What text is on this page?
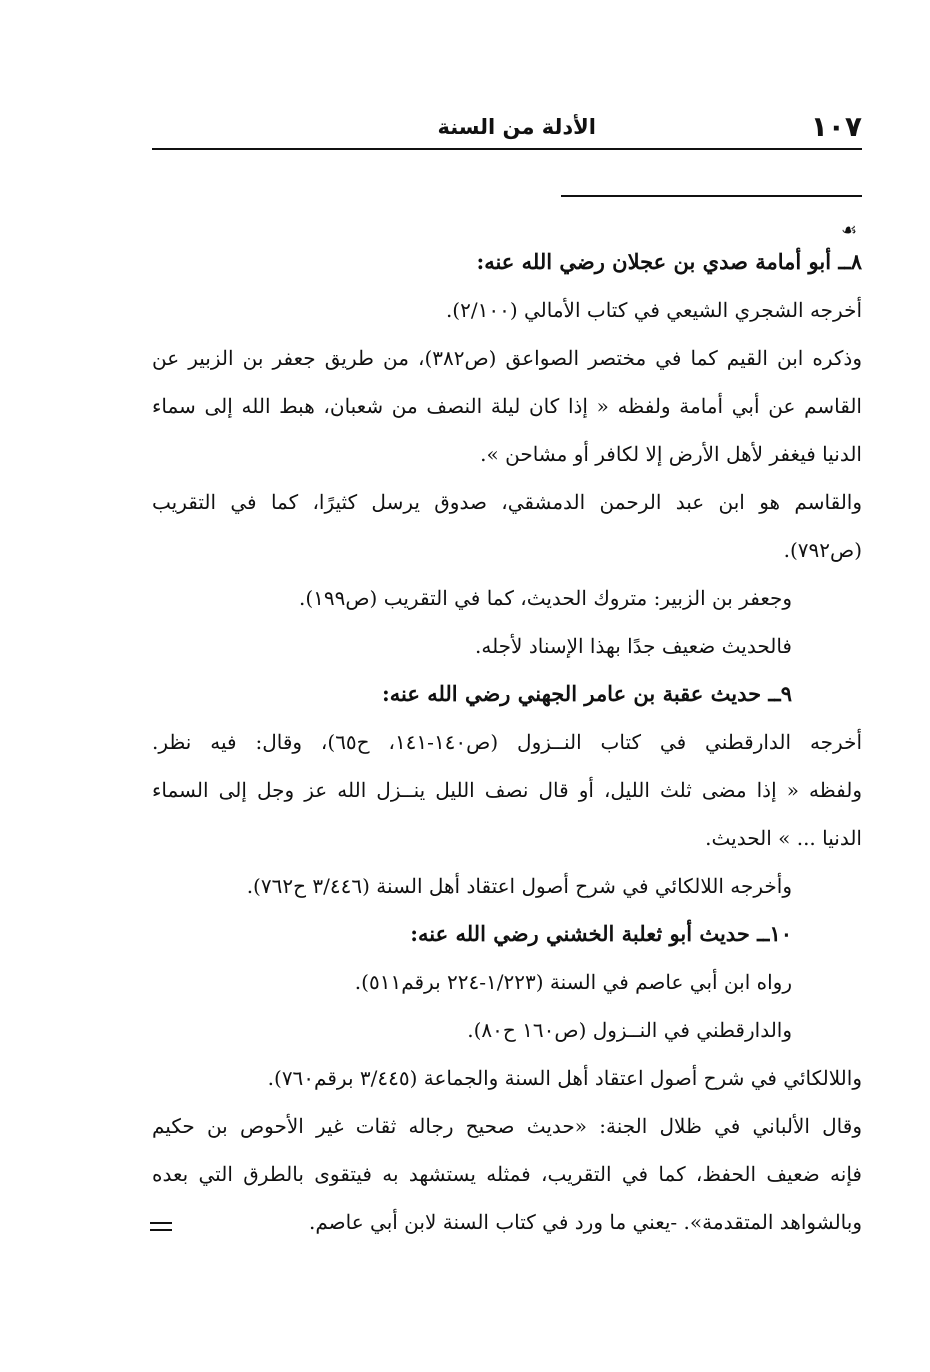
١٠٧
الأدلة من السنة
☙
٨ــ أبو أمامة صدي بن عجلان رضي الله عنه:
أخرجه الشجري الشيعي في كتاب الأمالي (٢/١٠٠).
وذكره ابن القيم كما في مختصر الصواعق (ص٣٨٢)، من طريق جعفر بن الزبير عن
القاسم عن أبي أمامة ولفظه « إذا كان ليلة النصف من شعبان، هبط الله إلى سماء
الدنيا فيغفر لأهل الأرض إلا لكافر أو مشاحن ».
والقاسم هو ابن عبد الرحمن الدمشقي، صدوق يرسل كثيرًا، كما في التقريب
(ص٧٩٢).
وجعفر بن الزبير: متروك الحديث، كما في التقريب (ص١٩٩).
فالحديث ضعيف جدًا بهذا الإسناد لأجله.
٩ــ حديث عقبة بن عامر الجهني رضي الله عنه:
أخرجه الدارقطني في كتاب النــزول (ص١٤٠-١٤١، ح٦٥)، وقال: فيه نظر.
ولفظه « إذا مضى ثلث الليل، أو قال نصف الليل ينــزل الله عز وجل إلى السماء
الدنيا ... » الحديث.
وأخرجه اللالكائي في شرح أصول اعتقاد أهل السنة (٣/٤٤٦ ح٧٦٢).
١٠ــ حديث أبو ثعلبة الخشني رضي الله عنه:
رواه ابن أبي عاصم في السنة (١/٢٢٣-٢٢٤ برقم٥١١).
والدارقطني في النــزول (ص١٦٠ ح٨٠).
واللالكائي في شرح أصول اعتقاد أهل السنة والجماعة (٣/٤٤٥ برقم٧٦٠).
وقال الألباني في ظلال الجنة: «حديث صحيح رجاله ثقات غير الأحوص بن حكيم
فإنه ضعيف الحفظ، كما في التقريب، فمثله يستشهد به فيتقوى بالطرق التي بعده
وبالشواهد المتقدمة». -يعني ما ورد في كتاب السنة لابن أبي عاصم.
